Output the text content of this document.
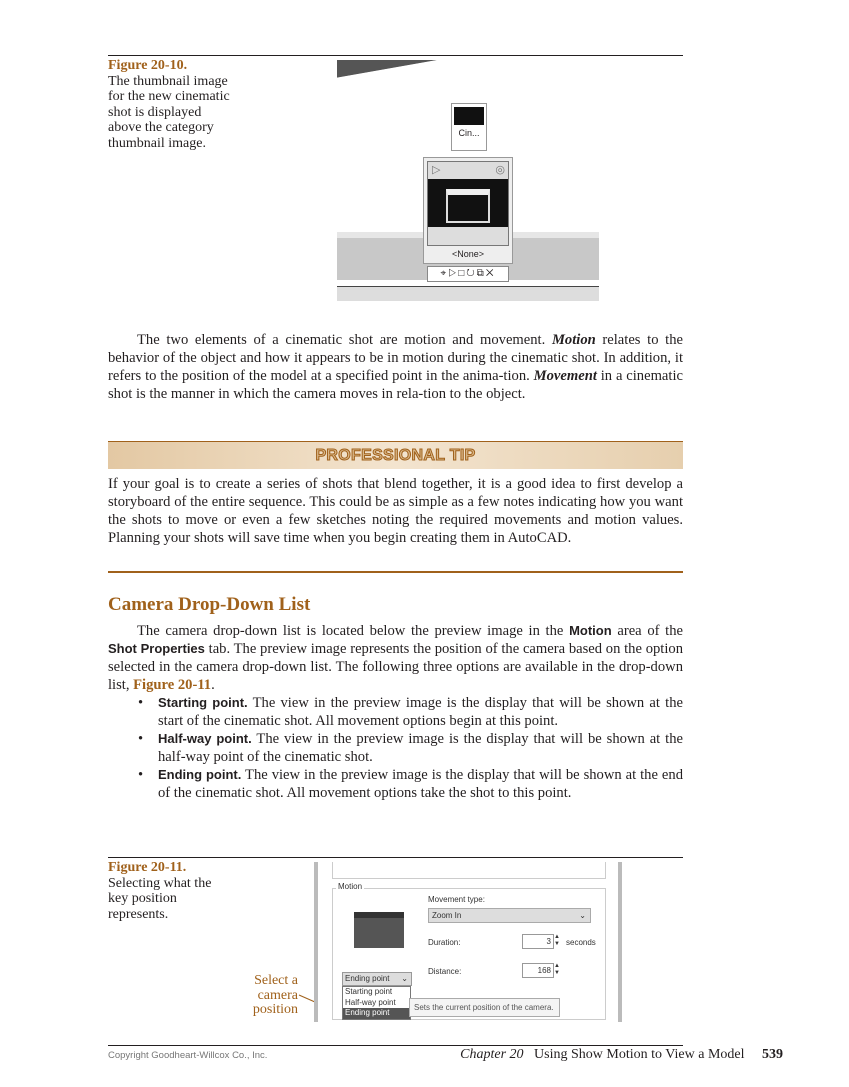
Figure 20-10.
The thumbnail image for the new cinematic shot is displayed above the category thumbnail image.
Cin...
▷	◎
<None>
⌖▷□↻⧉✕

The two elements of a cinematic shot are motion and movement. Motion relates to the behavior of the object and how it appears to be in motion during the cinematic shot. In addition, it refers to the position of the model at a specified point in the anima-tion. Movement in a cinematic shot is the manner in which the camera moves in rela-tion to the object.

PROFESSIONAL TIP

If your goal is to create a series of shots that blend together, it is a good idea to first develop a storyboard of the entire sequence. This could be as simple as a few notes indicating how you want the shots to move or even a few sketches noting the required movements and motion values. Planning your shots will save time when you begin creating them in AutoCAD.

Camera Drop-Down List

The camera drop-down list is located below the preview image in the Motion area of the Shot Properties tab. The preview image represents the position of the camera based on the option selected in the camera drop-down list. The following three options are available in the drop-down list, Figure 20-11.

• Starting point. The view in the preview image is the display that will be shown at the start of the cinematic shot. All movement options begin at this point.

• Half-way point. The view in the preview image is the display that will be shown at the half-way point of the cinematic shot.

• Ending point. The view in the preview image is the display that will be shown at the end of the cinematic shot. All movement options take the shot to this point.

Figure 20-11.
Selecting what the key position represents.
Select a camera position
Motion
Movement type:
Zoom In	⌄
Duration:	3 ▲
▼ seconds
Distance:	168 ▲
▼
Ending point ⌄
Starting point
Half-way point
Ending point
Sets the current position of the camera.
Copyright Goodheart-Willcox Co., Inc.	Chapter 20 Using Show Motion to View a Model 539
